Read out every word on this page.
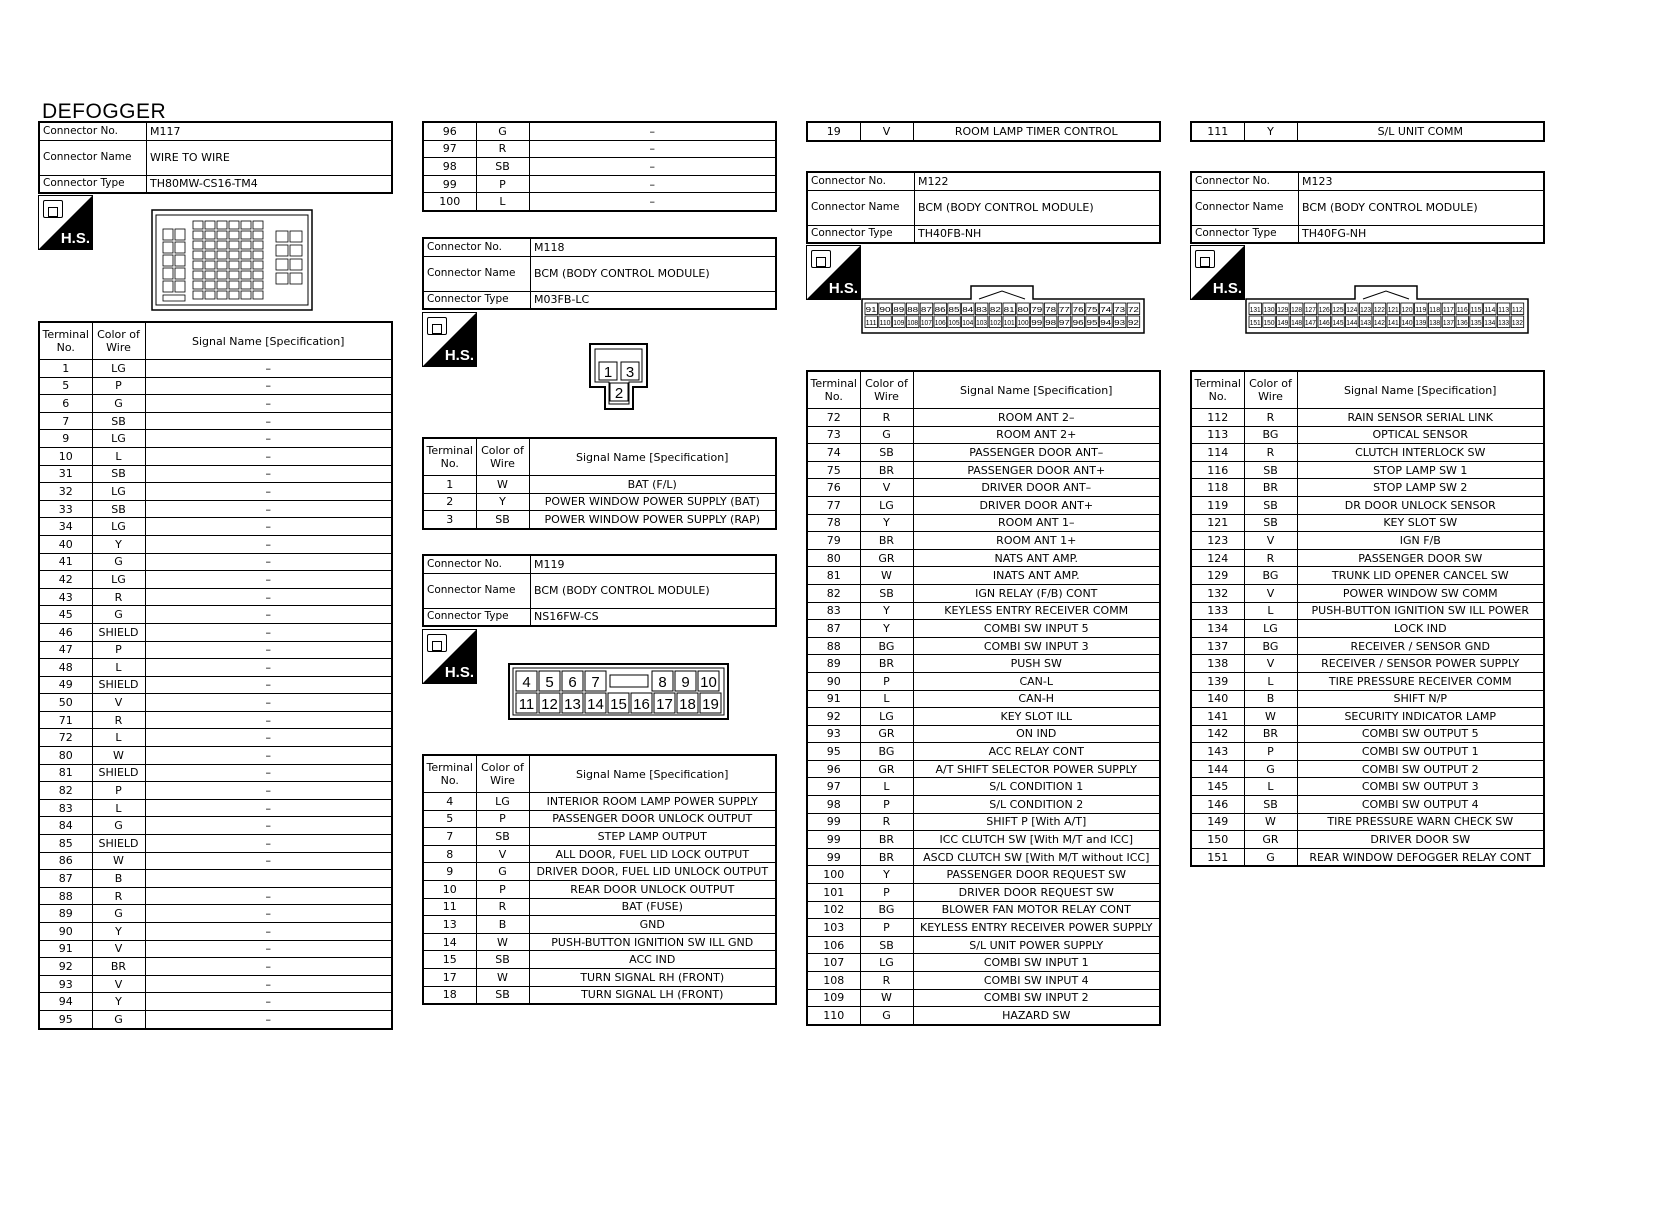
DEFOGGER
Connector No.	M117
Connector Name	WIRE TO WIRE
Connector Type	TH80MW-CS16-TM4
H.S.
Terminal No.	Color of Wire	Signal Name [Specification]
1	LG	–
5	P	–
6	G	–
7	SB	–
9	LG	–
10	L	–
31	SB	–
32	LG	–
33	SB	–
34	LG	–
40	Y	–
41	G	–
42	LG	–
43	R	–
45	G	–
46	SHIELD	–
47	P	–
48	L	–
49	SHIELD	–
50	V	–
71	R	–
72	L	–
80	W	–
81	SHIELD	–
82	P	–
83	L	–
84	G	–
85	SHIELD	–
86	W	–
87	B	
88	R	–
89	G	–
90	Y	–
91	V	–
92	BR	–
93	V	–
94	Y	–
95	G	–
96	G	–
97	R	–
98	SB	–
99	P	–
100	L	–
Connector No.	M118
Connector Name	BCM (BODY CONTROL MODULE)
Connector Type	M03FB-LC
H.S.
1 3
2
Terminal No.	Color of Wire	Signal Name [Specification]
1	W	BAT (F/L)
2	Y	POWER WINDOW POWER SUPPLY (BAT)
3	SB	POWER WINDOW POWER SUPPLY (RAP)
Connector No.	M119
Connector Name	BCM (BODY CONTROL MODULE)
Connector Type	NS16FW-CS
H.S.
4 5 6 7	8 9 10
11 12 13 14 15 16 17 18 19
Terminal No.	Color of Wire	Signal Name [Specification]
4	LG	INTERIOR ROOM LAMP POWER SUPPLY
5	P	PASSENGER DOOR UNLOCK OUTPUT
7	SB	STEP LAMP OUTPUT
8	V	ALL DOOR, FUEL LID LOCK OUTPUT
9	G	DRIVER DOOR, FUEL LID UNLOCK OUTPUT
10	P	REAR DOOR UNLOCK OUTPUT
11	R	BAT (FUSE)
13	B	GND
14	W	PUSH-BUTTON IGNITION SW ILL GND
15	SB	ACC IND
17	W	TURN SIGNAL RH (FRONT)
18	SB	TURN SIGNAL LH (FRONT)
19	V	ROOM LAMP TIMER CONTROL
Connector No.	M122
Connector Name	BCM (BODY CONTROL MODULE)
Connector Type	TH40FB-NH
H.S.
91 90 89 88 87 86 85 84 83 82 81 80 79 78 77 76 75 74 73 72
111 110 109 108 107 106 105 104 103 102 101 100 99 98 97 96 95 94 93 92
Terminal No.	Color of Wire	Signal Name [Specification]
72	R	ROOM ANT 2–
73	G	ROOM ANT 2+
74	SB	PASSENGER DOOR ANT–
75	BR	PASSENGER DOOR ANT+
76	V	DRIVER DOOR ANT–
77	LG	DRIVER DOOR ANT+
78	Y	ROOM ANT 1–
79	BR	ROOM ANT 1+
80	GR	NATS ANT AMP.
81	W	INATS ANT AMP.
82	SB	IGN RELAY (F/B) CONT
83	Y	KEYLESS ENTRY RECEIVER COMM
87	Y	COMBI SW INPUT 5
88	BG	COMBI SW INPUT 3
89	BR	PUSH SW
90	P	CAN-L
91	L	CAN-H
92	LG	KEY SLOT ILL
93	GR	ON IND
95	BG	ACC RELAY CONT
96	GR	A/T SHIFT SELECTOR POWER SUPPLY
97	L	S/L CONDITION 1
98	P	S/L CONDITION 2
99	R	SHIFT P [With A/T]
99	BR	ICC CLUTCH SW [With M/T and ICC]
99	BR	ASCD CLUTCH SW [With M/T without ICC]
100	Y	PASSENGER DOOR REQUEST SW
101	P	DRIVER DOOR REQUEST SW
102	BG	BLOWER FAN MOTOR RELAY CONT
103	P	KEYLESS ENTRY RECEIVER POWER SUPPLY
106	SB	S/L UNIT POWER SUPPLY
107	LG	COMBI SW INPUT 1
108	R	COMBI SW INPUT 4
109	W	COMBI SW INPUT 2
110	G	HAZARD SW
111	Y	S/L UNIT COMM
Connector No.	M123
Connector Name	BCM (BODY CONTROL MODULE)
Connector Type	TH40FG-NH
H.S.
131 130 129 128 127 126 125 124 123 122 121 120 119 118 117 116 115 114 113 112
151 150 149 148 147 146 145 144 143 142 141 140 139 138 137 136 135 134 133 132
Terminal No.	Color of Wire	Signal Name [Specification]
112	R	RAIN SENSOR SERIAL LINK
113	BG	OPTICAL SENSOR
114	R	CLUTCH INTERLOCK SW
116	SB	STOP LAMP SW 1
118	BR	STOP LAMP SW 2
119	SB	DR DOOR UNLOCK SENSOR
121	SB	KEY SLOT SW
123	V	IGN F/B
124	R	PASSENGER DOOR SW
129	BG	TRUNK LID OPENER CANCEL SW
132	V	POWER WINDOW SW COMM
133	L	PUSH-BUTTON IGNITION SW ILL POWER
134	LG	LOCK IND
137	BG	RECEIVER / SENSOR GND
138	V	RECEIVER / SENSOR POWER SUPPLY
139	L	TIRE PRESSURE RECEIVER COMM
140	B	SHIFT N/P
141	W	SECURITY INDICATOR LAMP
142	BR	COMBI SW OUTPUT 5
143	P	COMBI SW OUTPUT 1
144	G	COMBI SW OUTPUT 2
145	L	COMBI SW OUTPUT 3
146	SB	COMBI SW OUTPUT 4
149	W	TIRE PRESSURE WARN CHECK SW
150	GR	DRIVER DOOR SW
151	G	REAR WINDOW DEFOGGER RELAY CONT
